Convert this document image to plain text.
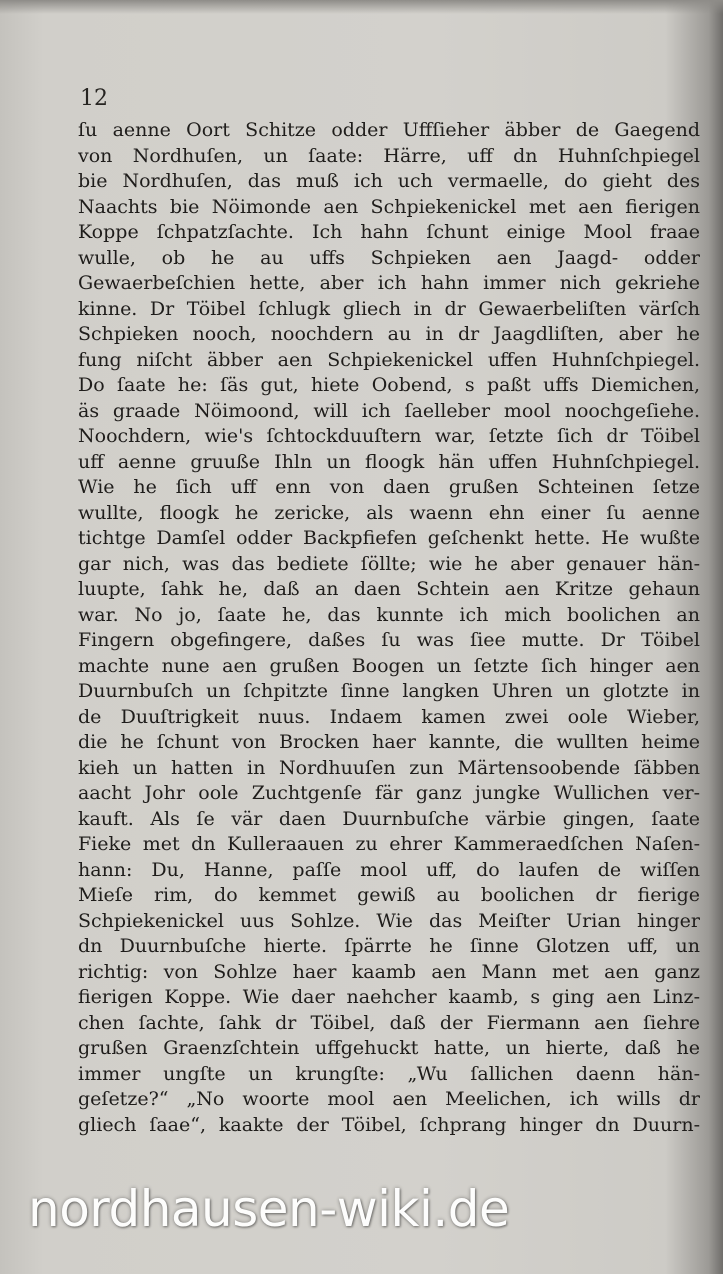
12

ſu aenne Oort Schitze odder Uffſieher äbber de Gaegend
von Nordhuſen, un ſaate: Härre, uff dn Huhnſchpiegel
bie Nordhuſen, das muß ich uch vermaelle, do gieht des
Naachts bie Nöimonde aen Schpiekenickel met aen fierigen
Koppe ſchpatzſachte. Ich hahn ſchunt einige Mool fraae
wulle, ob he au uffs Schpieken aen Jaagd- odder
Gewaerbeſchien hette, aber ich hahn immer nich gekriehe
kinne. Dr Töibel ſchlugk gliech in dr Gewaerbeliſten värſch
Schpieken nooch, noochdern au in dr Jaagdliſten, aber he
fung niſcht äbber aen Schpiekenickel uffen Huhnſchpiegel.
Do ſaate he: ſäs gut, hiete Oobend, s paßt uffs Diemichen,
äs graade Nöimoond, will ich ſaelleber mool noochgeſiehe.
Noochdern, wie's ſchtockduuſtern war, ſetzte ſich dr Töibel
uff aenne gruuße Ihln un floogk hän uffen Huhnſchpiegel.
Wie he ſich uff enn von daen grußen Schteinen ſetze
wullte, floogk he zericke, als waenn ehn einer ſu aenne
tichtge Damſel odder Backpfiefen geſchenkt hette. He wußte
gar nich, was das bediete ſöllte; wie he aber genauer hän-
luupte, ſahk he, daß an daen Schtein aen Kritze gehaun
war. No jo, ſaate he, das kunnte ich mich boolichen an
Fingern obgefingere, daßes ſu was ſiee mutte. Dr Töibel
machte nune aen grußen Boogen un ſetzte ſich hinger aen
Duurnbuſch un ſchpitzte ſinne langken Uhren un glotzte in
de Duuſtrigkeit nuus. Indaem kamen zwei oole Wieber,
die he ſchunt von Brocken haer kannte, die wullten heime
kieh un hatten in Nordhuuſen zun Märtensoobende ſäbben
aacht Johr oole Zuchtgenſe fär ganz jungke Wullichen ver-
kauft. Als ſe vär daen Duurnbuſche värbie gingen, ſaate
Fieke met dn Kulleraauen zu ehrer Kammeraedſchen Naſen-
hann: Du, Hanne, paſſe mool uff, do laufen de wiſſen
Mieſe rim, do kemmet gewiß au boolichen dr fierige
Schpiekenickel uus Sohlze. Wie das Meiſter Urian hinger
dn Duurnbuſche hierte. ſpärrte he ſinne Glotzen uff, un
richtig: von Sohlze haer kaamb aen Mann met aen ganz
fierigen Koppe. Wie daer naehcher kaamb, s ging aen Linz-
chen ſachte, ſahk dr Töibel, daß der Fiermann aen ſiehre
grußen Graenzſchtein uffgehuckt hatte, un hierte, daß he
immer ungſte un krungſte: „Wu ſallichen daenn hän-
geſetze?“ „No woorte mool aen Meelichen, ich wills dr
gliech ſaae“, kaakte der Töibel, ſchprang hinger dn Duurn-
nordhausen-wiki.de
